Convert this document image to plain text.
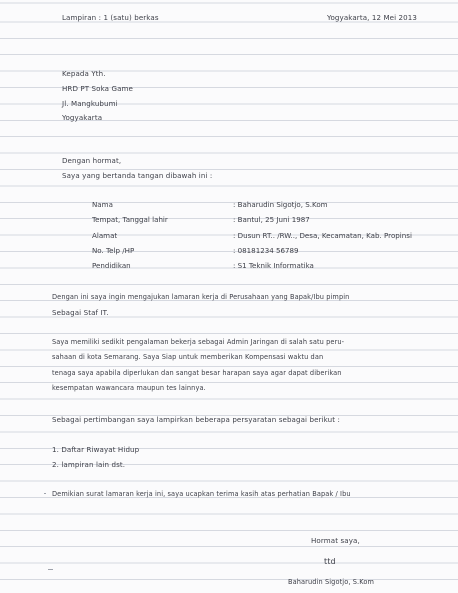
Lampiran : 1 (satu) berkas	Yogyakarta, 12 Mei 2013
Kepada Yth.
HRD PT Soka Game
Jl. Mangkubumi
Yogyakarta
Dengan hormat,
Saya yang bertanda tangan dibawah ini :
Nama	: Baharudin Sigotjo, S.Kom
Tempat, Tanggal lahir	: Bantul, 25 Juni 1987
Alamat	: Dusun RT.. /RW.., Desa, Kecamatan, Kab. Propinsi
No. Telp /HP	: 08181234 56789
Pendidikan	: S1 Teknik Informatika
Dengan ini saya ingin mengajukan lamaran kerja di Perusahaan yang Bapak/Ibu pimpin
Sebagai Staf IT.
Saya memiliki sedikit pengalaman bekerja sebagai Admin Jaringan di salah satu peru-
sahaan di kota Semarang. Saya Siap untuk memberikan Kompensasi waktu dan
tenaga saya apabila diperlukan dan sangat besar harapan saya agar dapat diberikan
kesempatan wawancara maupun tes lainnya.
Sebagai pertimbangan saya lampirkan beberapa persyaratan sebagai berikut :
1. Daftar Riwayat Hidup
2. lampiran lain dst.
Demikian surat lamaran kerja ini, saya ucapkan terima kasih atas perhatian Bapak / Ibu
Hormat saya,
ttd
Baharudin Sigotjo, S.Kom
